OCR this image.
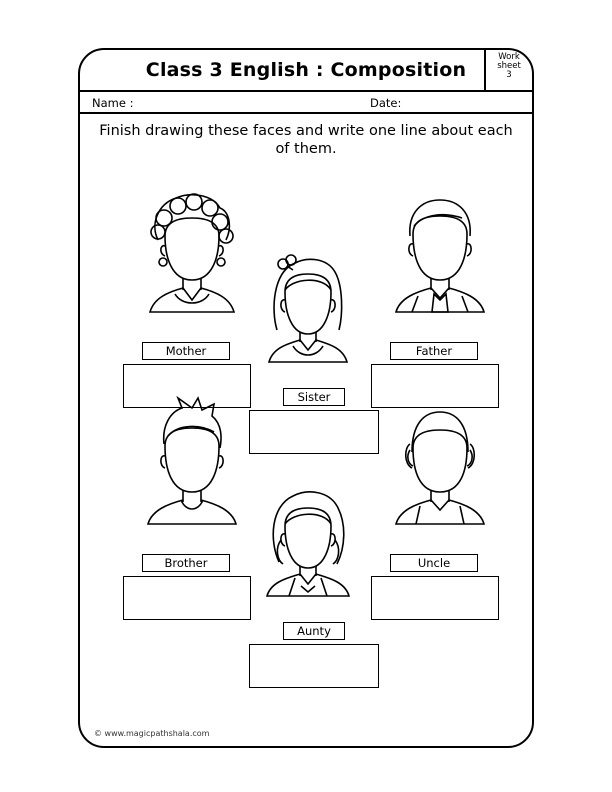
Class 3 English : Composition
Work
sheet
3
Name :	Date:
Finish drawing these faces and write one line about each of them.
Mother	Father
Sister
Brother	Uncle
Aunty
© www.magicpathshala.com
